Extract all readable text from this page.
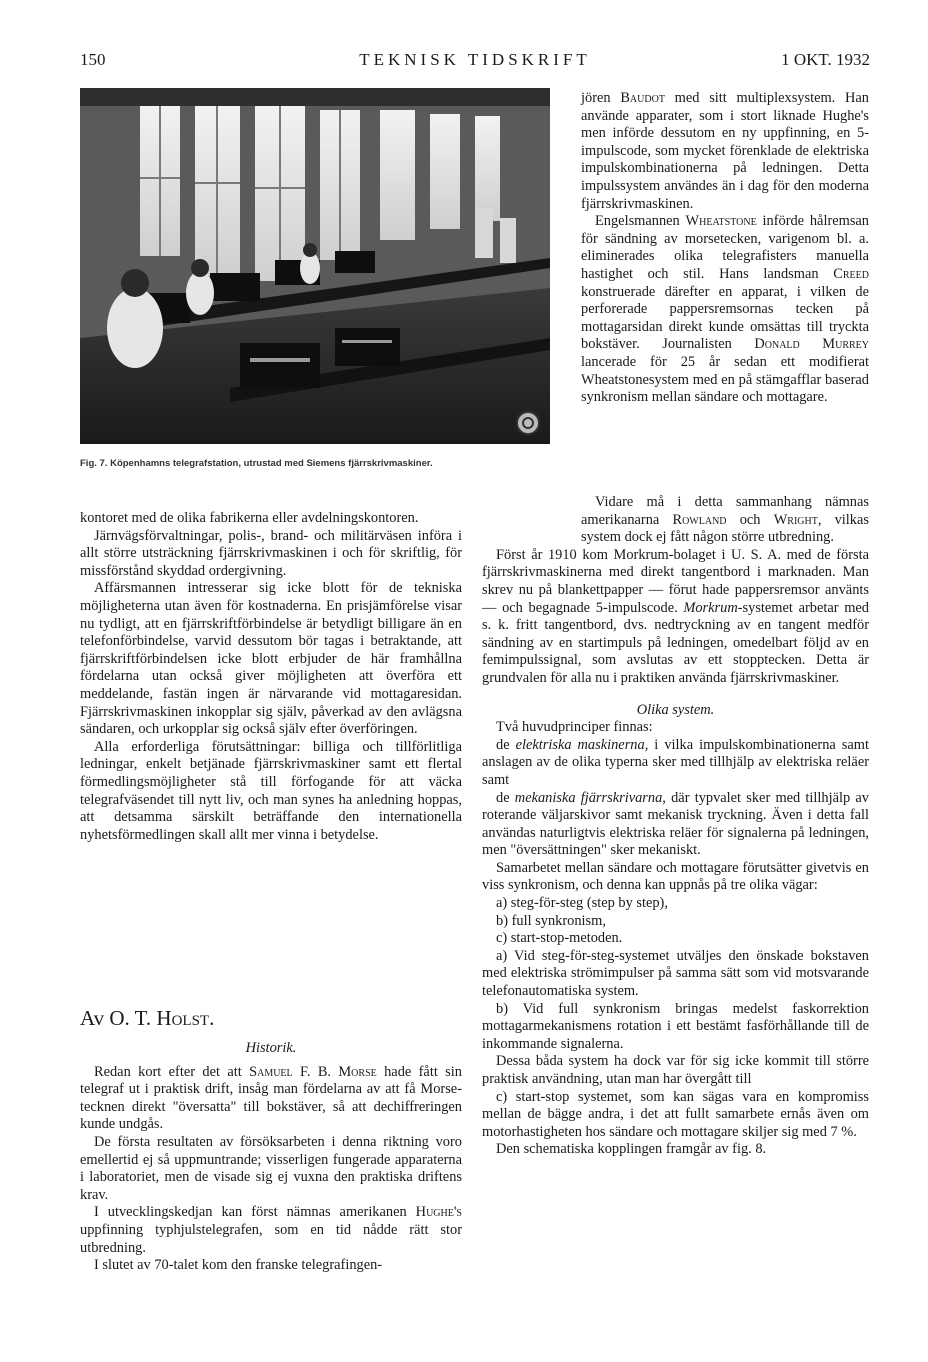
150	TEKNISK TIDSKRIFT	1 OKT. 1932
Fig. 7. Köpenhamns telegrafstation, utrustad med Siemens fjärrskrivmaskiner.

kontoret med de olika fabrikerna eller avdelningskontoren.

Järnvägsförvaltningar, polis-, brand- och militärväsen införa i allt större utsträckning fjärrskrivmaskinen i och för skriftlig, för missförstånd skyddad ordergivning.

Affärsmannen intresserar sig icke blott för de tekniska möjligheterna utan även för kostnaderna. En prisjämförelse visar nu tydligt, att en fjärrskriftförbindelse är betydligt billigare än en telefonförbindelse, varvid dessutom bör tagas i betraktande, att fjärrskriftförbindelsen icke blott erbjuder de här framhållna fördelarna utan också giver möjligheten att överföra ett meddelande, fastän ingen är närvarande vid mottagaresidan. Fjärrskrivmaskinen inkopplar sig själv, påverkad av den avlägsna sändaren, och urkopplar sig också själv efter överföringen.

Alla erforderliga förutsättningar: billiga och tillförlitliga ledningar, enkelt betjänade fjärrskrivmaskiner samt ett flertal förmedlingsmöjligheter stå till förfogande för att väcka telegrafväsendet till nytt liv, och man synes ha anledning hoppas, att detsamma särskilt beträffande den internationella nyhetsförmedlingen skall allt mer vinna i betydelse.

Av O. T. Holst.

Historik.

Redan kort efter det att Samuel F. B. Morse hade fått sin telegraf ut i praktisk drift, insåg man fördelarna av att få Morse-tecknen direkt "översatta" till bokstäver, så att dechiffreringen kunde undgås.

De första resultaten av försöksarbeten i denna riktning voro emellertid ej så uppmuntrande; visserligen fungerade apparaterna i laboratoriet, men de visade sig ej vuxna den praktiska driftens krav.

I utvecklingskedjan kan först nämnas amerikanen Hughe's uppfinning typhjulstelegrafen, som en tid nådde rätt stor utbredning.

I slutet av 70-talet kom den franske telegrafingen-

jören Baudot med sitt multiplexsystem. Han använde apparater, som i stort liknade Hughe's men införde dessutom en ny uppfinning, en 5-impulscode, som mycket förenklade de elektriska impulskombinationerna på ledningen. Detta impulssystem användes än i dag för den moderna fjärrskrivmaskinen.

Engelsmannen Wheatstone införde hålremsan för sändning av morsetecken, varigenom bl. a. eliminerades olika telegrafisters manuella hastighet och stil. Hans landsman Creed konstruerade därefter en apparat, i vilken de perforerade pappersremsornas tecken på mottagarsidan direkt kunde omsättas till tryckta bokstäver. Journalisten Donald Murrey lancerade för 25 år sedan ett modifierat Wheatstonesystem med en på stämgafflar baserad synkronism mellan sändare och mottagare.

Vidare må i detta sammanhang nämnas amerikanarna Rowland och Wright, vilkas system dock ej fått någon större utbredning.

Först år 1910 kom Morkrum-bolaget i U. S. A. med de första fjärrskrivmaskinerna med direkt tangentbord i marknaden. Man skrev nu på blankettpapper — förut hade pappersremsor använts — och begagnade 5-impulscode. Morkrum-systemet arbetar med s. k. fritt tangentbord, dvs. nedtryckning av en tangent medför sändning av en startimpuls på ledningen, omedelbart följd av en femimpulssignal, som avslutas av ett stopptecken. Detta är grundvalen för alla nu i praktiken använda fjärrskrivmaskiner.

Olika system.

Två huvudprinciper finnas:

de elektriska maskinerna, i vilka impulskombinationerna samt anslagen av de olika typerna sker med tillhjälp av elektriska reläer samt

de mekaniska fjärrskrivarna, där typvalet sker med tillhjälp av roterande väljarskivor samt mekanisk tryckning. Även i detta fall användas naturligtvis elektriska reläer för signalerna på ledningen, men "översättningen" sker mekaniskt.

Samarbetet mellan sändare och mottagare förutsätter givetvis en viss synkronism, och denna kan uppnås på tre olika vägar:

a) steg-för-steg (step by step),

b) full synkronism,

c) start-stop-metoden.

a) Vid steg-för-steg-systemet utväljes den önskade bokstaven med elektriska strömimpulser på samma sätt som vid motsvarande telefonautomatiska system.

b) Vid full synkronism bringas medelst faskorrektion mottagarmekanismens rotation i ett bestämt fasförhållande till de inkommande signalerna.

Dessa båda system ha dock var för sig icke kommit till större praktisk användning, utan man har övergått till

c) start-stop systemet, som kan sägas vara en kompromiss mellan de bägge andra, i det att fullt samarbete ernås även om motorhastigheten hos sändare och mottagare skiljer sig med 7 %.

Den schematiska kopplingen framgår av fig. 8.
